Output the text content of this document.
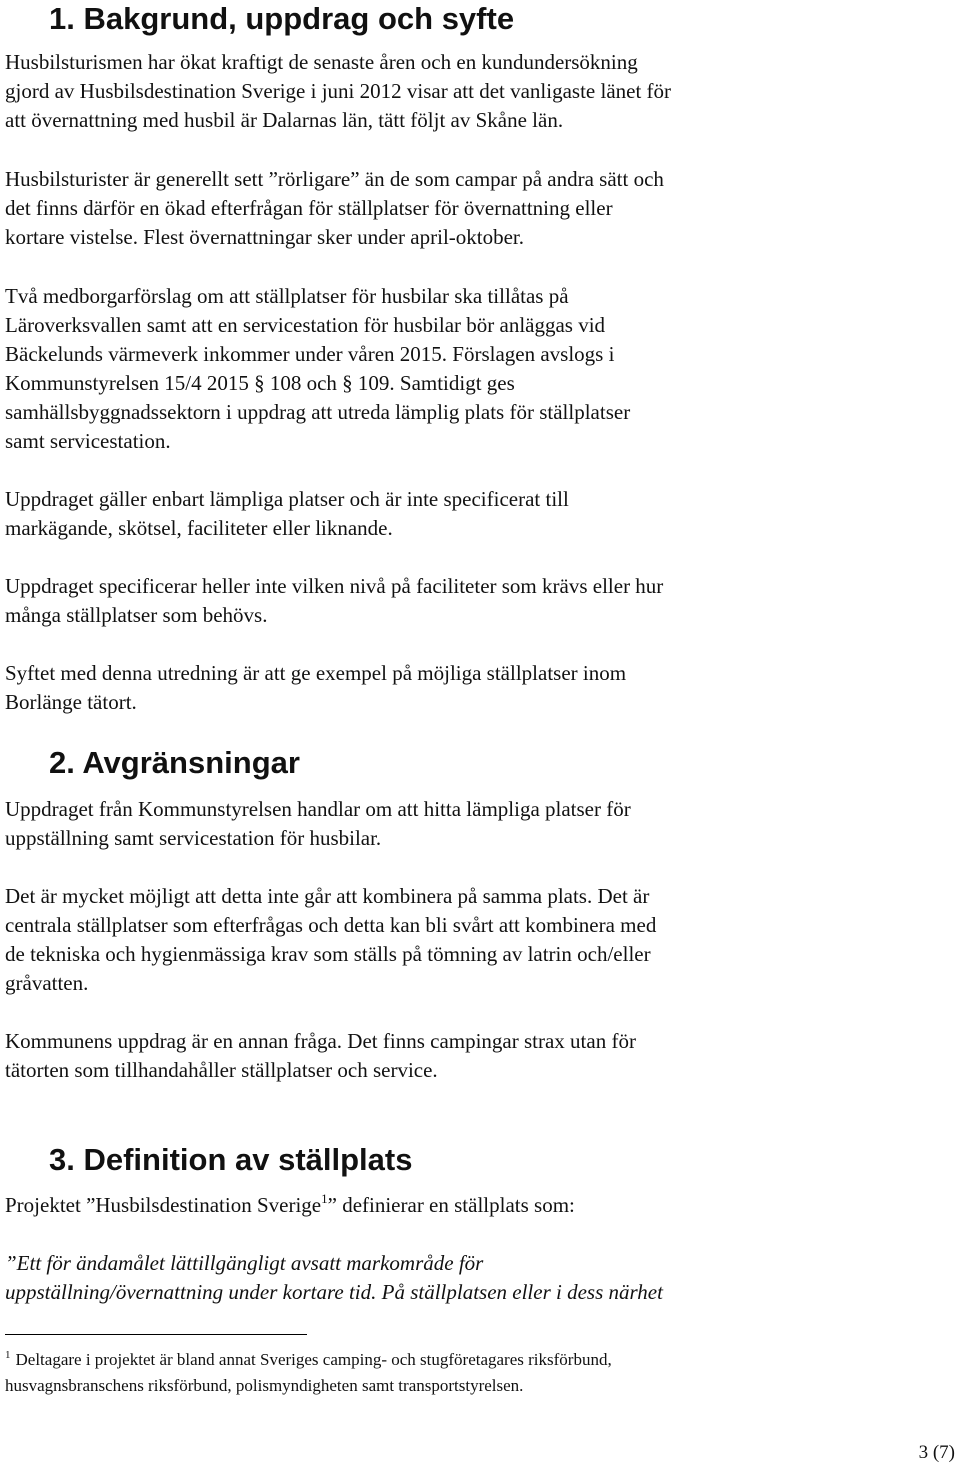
1. Bakgrund, uppdrag och syfte

Husbilsturismen har ökat kraftigt de senaste åren och en kundundersökning
gjord av Husbilsdestination Sverige i juni 2012 visar att det vanligaste länet för
att övernattning med husbil är Dalarnas län, tätt följt av Skåne län.

Husbilsturister är generellt sett ”rörligare” än de som campar på andra sätt och
det finns därför en ökad efterfrågan för ställplatser för övernattning eller
kortare vistelse. Flest övernattningar sker under april-oktober.

Två medborgarförslag om att ställplatser för husbilar ska tillåtas på
Läroverksvallen samt att en servicestation för husbilar bör anläggas vid
Bäckelunds värmeverk inkommer under våren 2015. Förslagen avslogs i
Kommunstyrelsen 15/4 2015 § 108 och § 109. Samtidigt ges
samhällsbyggnadssektorn i uppdrag att utreda lämplig plats för ställplatser
samt servicestation.

Uppdraget gäller enbart lämpliga platser och är inte specificerat till
markägande, skötsel, faciliteter eller liknande.

Uppdraget specificerar heller inte vilken nivå på faciliteter som krävs eller hur
många ställplatser som behövs.

Syftet med denna utredning är att ge exempel på möjliga ställplatser inom
Borlänge tätort.

2. Avgränsningar

Uppdraget från Kommunstyrelsen handlar om att hitta lämpliga platser för
uppställning samt servicestation för husbilar.

Det är mycket möjligt att detta inte går att kombinera på samma plats. Det är
centrala ställplatser som efterfrågas och detta kan bli svårt att kombinera med
de tekniska och hygienmässiga krav som ställs på tömning av latrin och/eller
gråvatten.

Kommunens uppdrag är en annan fråga. Det finns campingar strax utan för
tätorten som tillhandahåller ställplatser och service.

3. Definition av ställplats

Projektet ”Husbilsdestination Sverige$^1$” definierar en ställplats som:

”Ett för ändamålet lättillgängligt avsatt markområde för
uppställning/övernattning under kortare tid. På ställplatsen eller i dess närhet

$^1$ Deltagare i projektet är bland annat Sveriges camping- och stugföretagares riksförbund,
husvagnsbranschens riksförbund, polismyndigheten samt transportstyrelsen.

3 (7)
